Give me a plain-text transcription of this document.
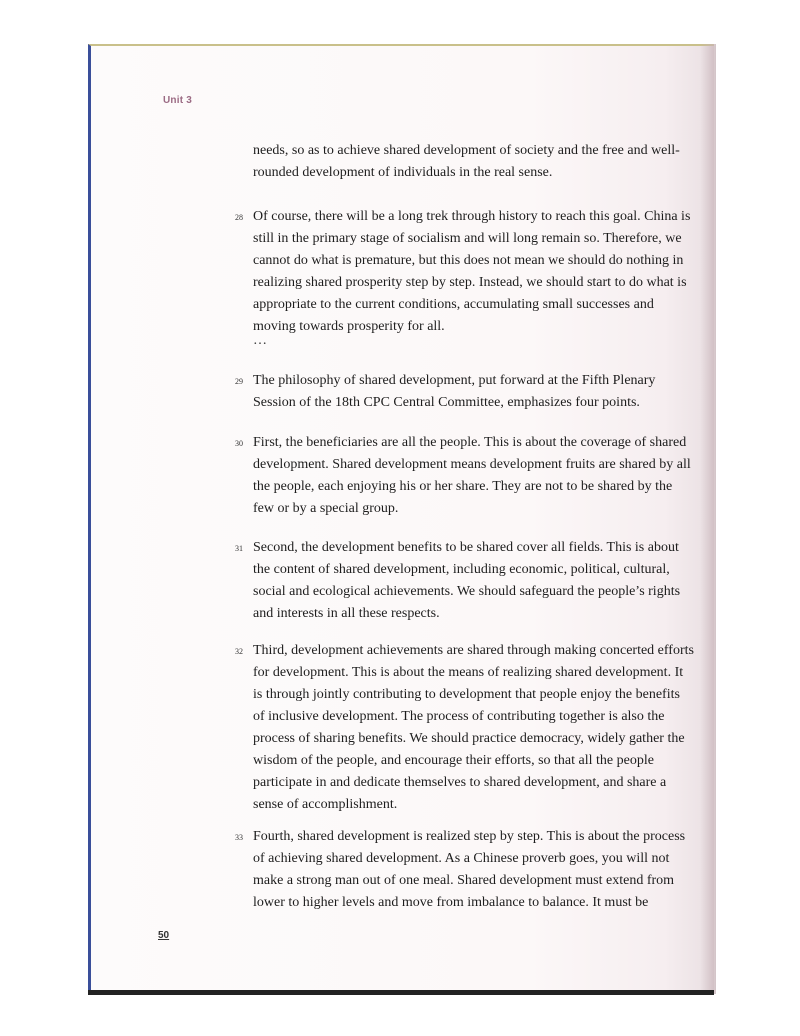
Unit 3

needs, so as to achieve shared development of society and the free and well-rounded development of individuals in the real sense.

28 Of course, there will be a long trek through history to reach this goal. China is still in the primary stage of socialism and will long remain so. Therefore, we cannot do what is premature, but this does not mean we should do nothing in realizing shared prosperity step by step. Instead, we should start to do what is appropriate to the current conditions, accumulating small successes and moving towards prosperity for all.

…

29 The philosophy of shared development, put forward at the Fifth Plenary Session of the 18th CPC Central Committee, emphasizes four points.

30 First, the beneficiaries are all the people. This is about the coverage of shared development. Shared development means development fruits are shared by all the people, each enjoying his or her share. They are not to be shared by the few or by a special group.

31 Second, the development benefits to be shared cover all fields. This is about the content of shared development, including economic, political, cultural, social and ecological achievements. We should safeguard the people’s rights and interests in all these respects.

32 Third, development achievements are shared through making concerted efforts for development. This is about the means of realizing shared development. It is through jointly contributing to development that people enjoy the benefits of inclusive development. The process of contributing together is also the process of sharing benefits. We should practice democracy, widely gather the wisdom of the people, and encourage their efforts, so that all the people participate in and dedicate themselves to shared development, and share a sense of accomplishment.

33 Fourth, shared development is realized step by step. This is about the process of achieving shared development. As a Chinese proverb goes, you will not make a strong man out of one meal. Shared development must extend from lower to higher levels and move from imbalance to balance. It must be

50
